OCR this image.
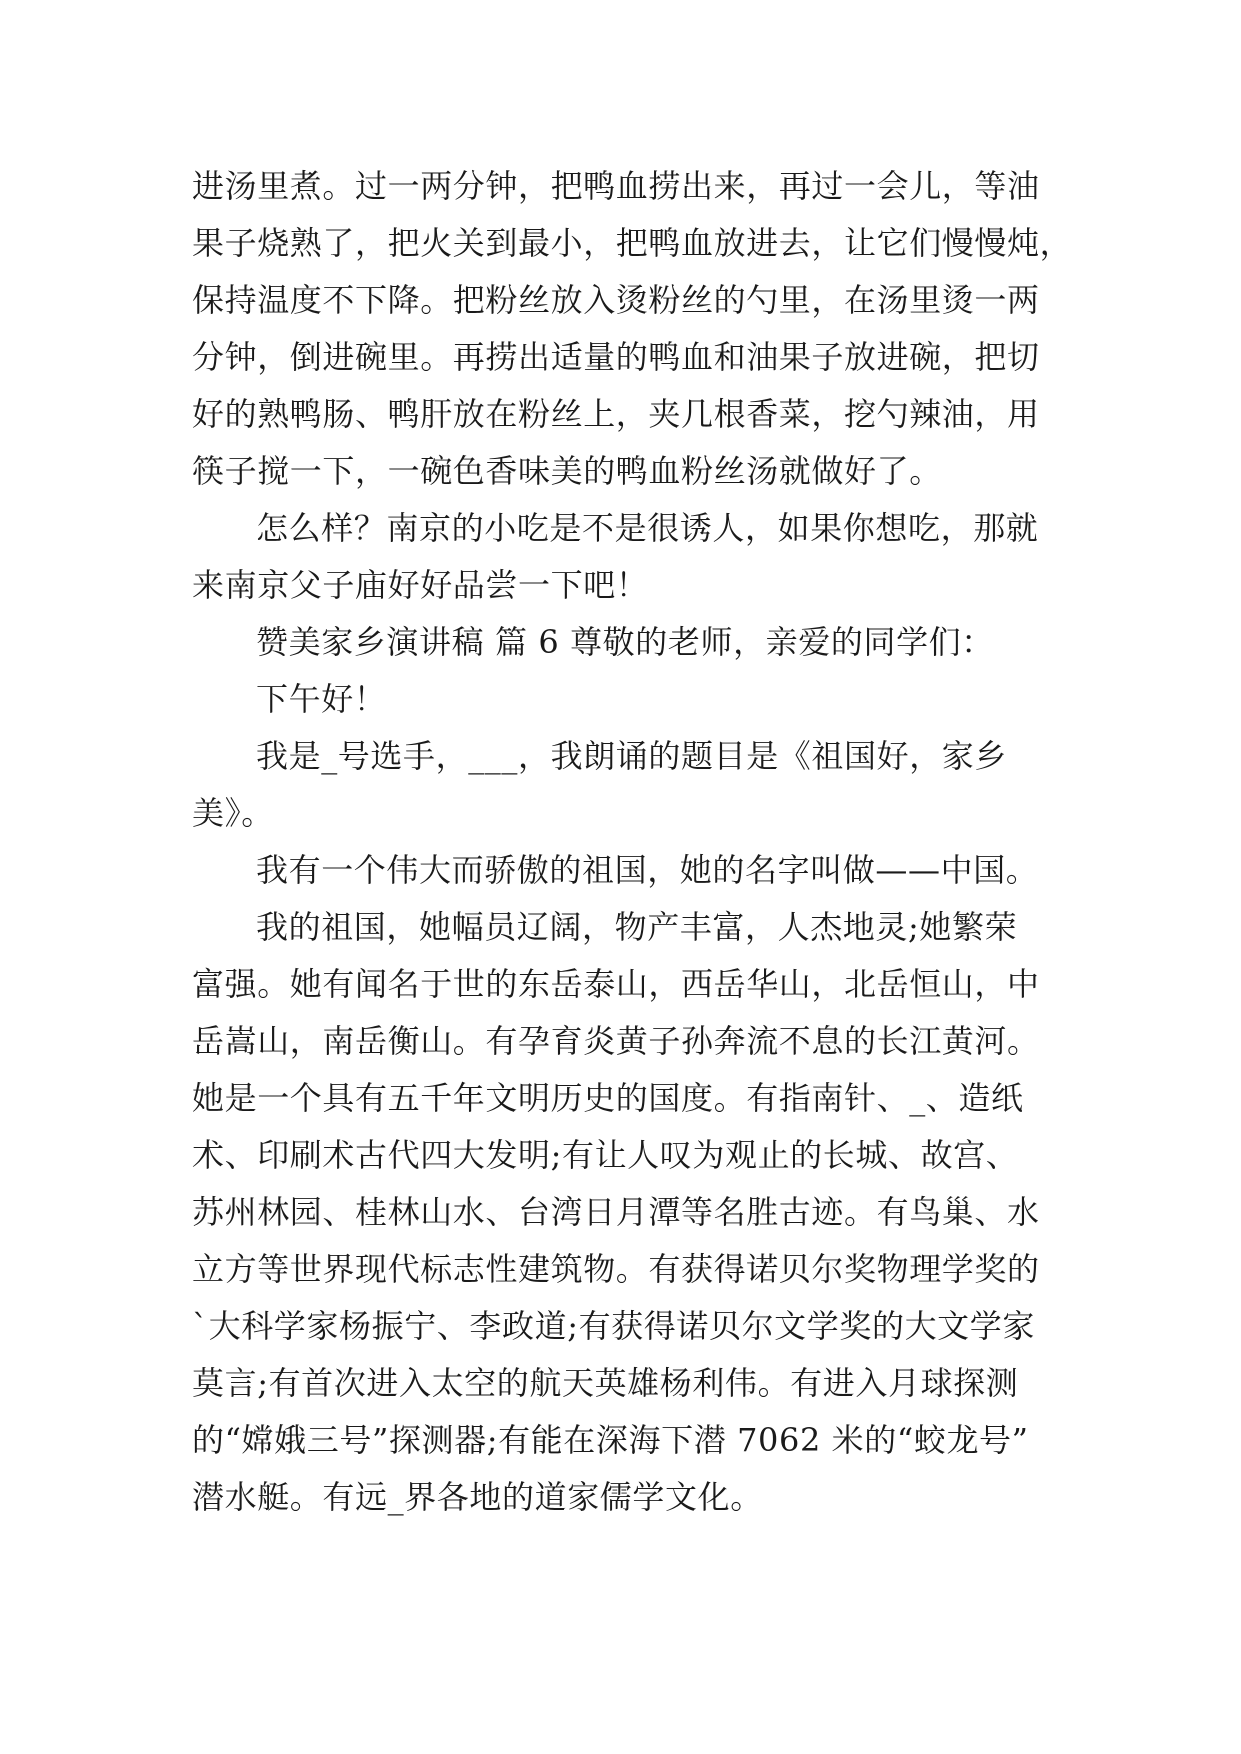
进汤里煮。过一两分钟，把鸭血捞出来，再过一会儿，等油
果子烧熟了，把火关到最小，把鸭血放进去，让它们慢慢炖，
保持温度不下降。把粉丝放入烫粉丝的勺里，在汤里烫一两
分钟，倒进碗里。再捞出适量的鸭血和油果子放进碗，把切
好的熟鸭肠、鸭肝放在粉丝上，夹几根香菜，挖勺辣油，用
筷子搅一下，一碗色香味美的鸭血粉丝汤就做好了。
怎么样？南京的小吃是不是很诱人，如果你想吃，那就
来南京父子庙好好品尝一下吧！
赞美家乡演讲稿 篇 6 尊敬的老师，亲爱的同学们：
下午好！
我是_号选手，___，我朗诵的题目是《祖国好，家乡
美》。
我有一个伟大而骄傲的祖国，她的名字叫做——中国。
我的祖国，她幅员辽阔，物产丰富，人杰地灵;她繁荣
富强。她有闻名于世的东岳泰山，西岳华山，北岳恒山，中
岳嵩山，南岳衡山。有孕育炎黄子孙奔流不息的长江黄河。
她是一个具有五千年文明历史的国度。有指南针、_、造纸
术、印刷术古代四大发明;有让人叹为观止的长城、故宫、
苏州林园、桂林山水、台湾日月潭等名胜古迹。有鸟巢、水
立方等世界现代标志性建筑物。有获得诺贝尔奖物理学奖的
`大科学家杨振宁、李政道;有获得诺贝尔文学奖的大文学家
莫言;有首次进入太空的航天英雄杨利伟。有进入月球探测
的“嫦娥三号”探测器;有能在深海下潜 7062 米的“蛟龙号”
潜水艇。有远_界各地的道家儒学文化。
